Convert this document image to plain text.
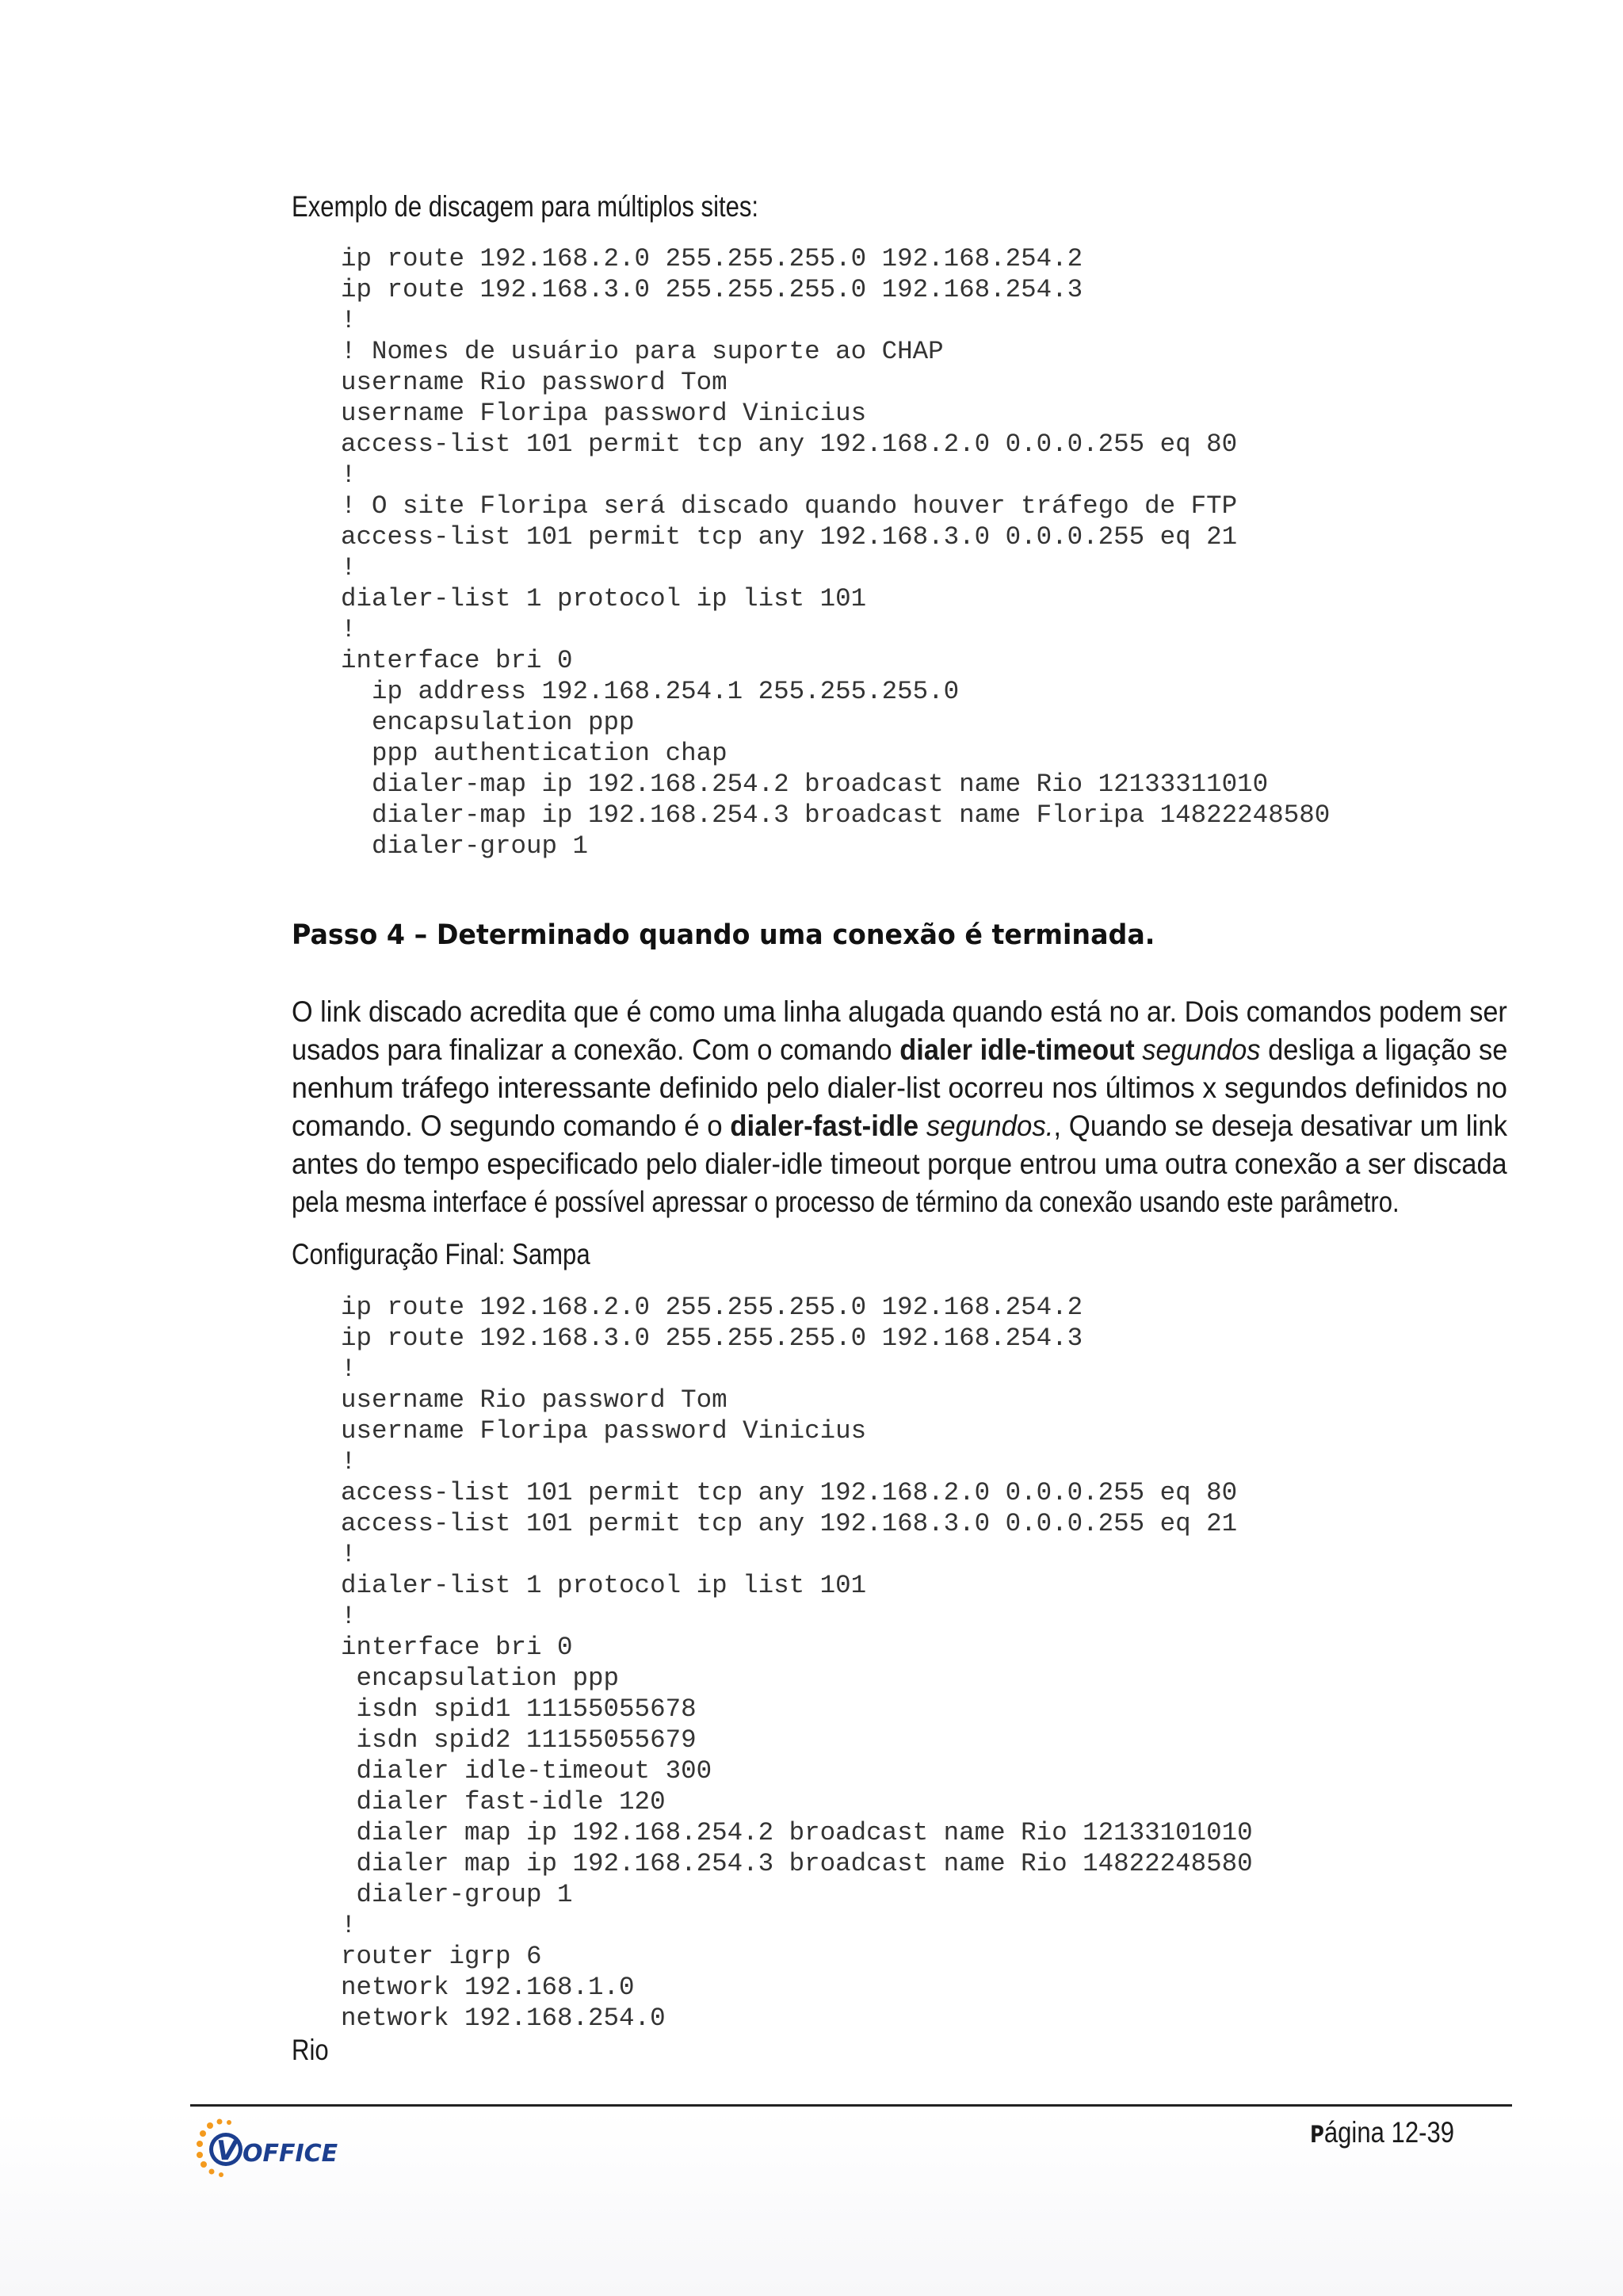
Exemplo de discagem para múltiplos sites:
ip route 192.168.2.0 255.255.255.0 192.168.254.2
ip route 192.168.3.0 255.255.255.0 192.168.254.3
!
! Nomes de usuário para suporte ao CHAP
username Rio password Tom
username Floripa password Vinicius
access-list 101 permit tcp any 192.168.2.0 0.0.0.255 eq 80
!
! O site Floripa será discado quando houver tráfego de FTP
access-list 101 permit tcp any 192.168.3.0 0.0.0.255 eq 21
!
dialer-list 1 protocol ip list 101
!
interface bri 0
ip address 192.168.254.1 255.255.255.0
encapsulation ppp
ppp authentication chap
dialer-map ip 192.168.254.2 broadcast name Rio 12133311010
dialer-map ip 192.168.254.3 broadcast name Floripa 14822248580
dialer-group 1
Passo 4 – Determinado quando uma conexão é terminada.
O link discado acredita que é como uma linha alugada quando está no ar. Dois comandos podem ser
usados para finalizar a conexão. Com o comando dialer idle-timeout segundos desliga a ligação se
nenhum tráfego interessante definido pelo dialer-list ocorreu nos últimos x segundos definidos no
comando. O segundo comando é o dialer-fast-idle segundos., Quando se deseja desativar um link
antes do tempo especificado pelo dialer-idle timeout porque entrou uma outra conexão a ser discada
pela mesma interface é possível apressar o processo de término da conexão usando este parâmetro.
Configuração Final: Sampa
ip route 192.168.2.0 255.255.255.0 192.168.254.2
ip route 192.168.3.0 255.255.255.0 192.168.254.3
!
username Rio password Tom
username Floripa password Vinicius
!
access-list 101 permit tcp any 192.168.2.0 0.0.0.255 eq 80
access-list 101 permit tcp any 192.168.3.0 0.0.0.255 eq 21
!
dialer-list 1 protocol ip list 101
!
interface bri 0
encapsulation ppp
isdn spid1 11155055678
isdn spid2 11155055679
dialer idle-timeout 300
dialer fast-idle 120
dialer map ip 192.168.254.2 broadcast name Rio 12133101010
dialer map ip 192.168.254.3 broadcast name Rio 14822248580
dialer-group 1
!
router igrp 6
network 192.168.1.0
network 192.168.254.0
Rio
V OFFICE
Página 12-39
